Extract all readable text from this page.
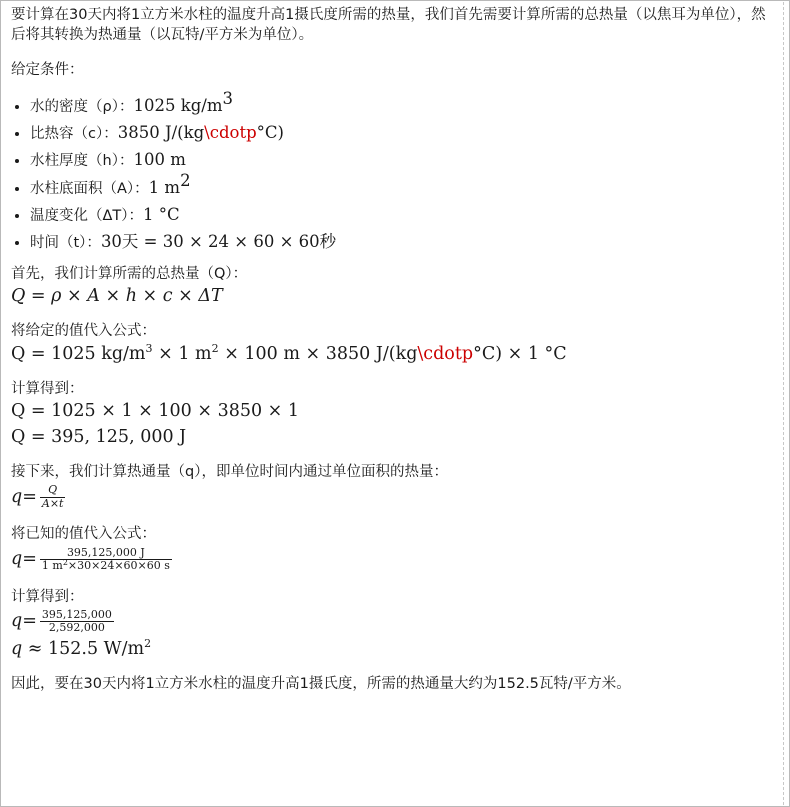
要计算在30天内将1立方米水柱的温度升高1摄氏度所需的热量，我们首先需要计算所需的总热量（以焦耳为单位），然后将其转换为热通量（以瓦特/平方米为单位）。

给定条件：

• 水的密度（ρ）：1025 $kg/m^3$
• 比热容（c）：3850 J/(kg\cdotp°C)
• 水柱厚度（h）：100 m
• 水柱底面积（A）：1 $m^2$
• 温度变化（ΔT）：1 °C
• 时间（t）：30天 = 30 × 24 × 60 × 60秒

首先，我们计算所需的总热量（Q）：

Q = ρ × A × h × c × ΔT

将给定的值代入公式：

Q = 1025 $kg/m^3 \times 1$ $m^2 \times 100$ m × 3850 J/(kg\cdotp°C) × 1 °C

计算得到：

Q = 1025 × 1 × 100 × 3850 × 1
Q = 395, 125, 000 J

接下来，我们计算热通量（q），即单位时间内通过单位面积的热量：

$q = \frac{Q}{A\times t}$

将已知的值代入公式：

$q = \frac{395,125,000 J}{1 m^2\times 30\times 24\times 60\times 60 s}$

计算得到：

$q = \frac{395,125,000}{2,592,000}$
q ≈ 152.5 $W/m^2$

因此，要在30天内将1立方米水柱的温度升高1摄氏度，所需的热通量大约为152.5瓦特/平方米。
